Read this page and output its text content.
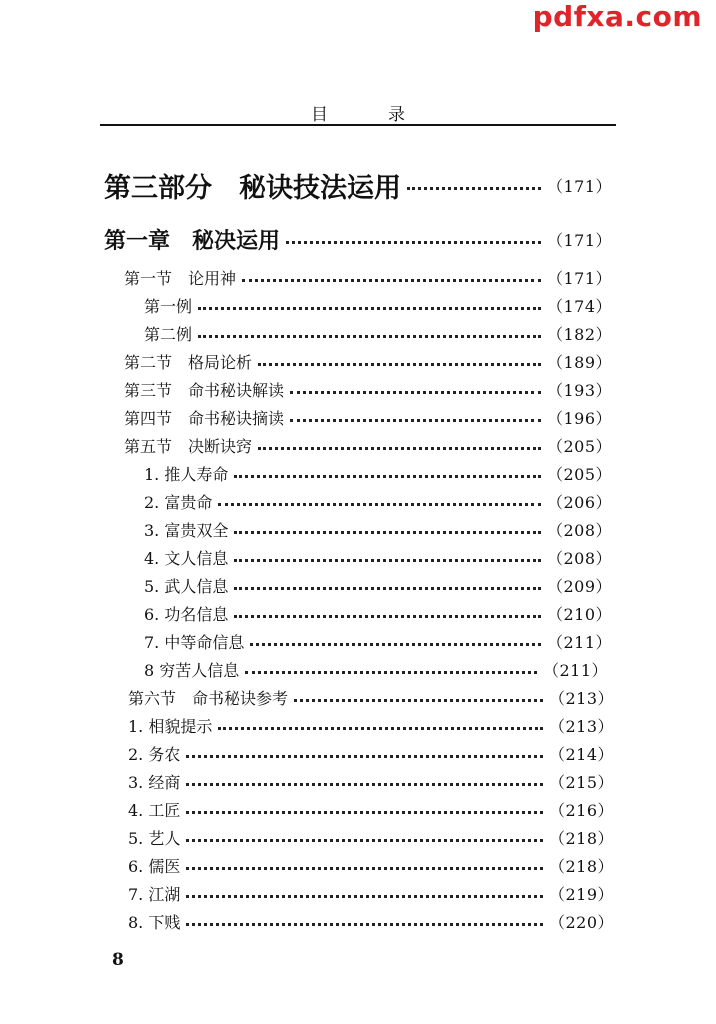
pdfxa.com
目	录
第三部分　秘诀技法运用	（171）
第一章　秘决运用	（171）
第一节　论用神	（171）
第一例	（174）
第二例	（182）
第二节　格局论析	（189）
第三节　命书秘诀解读	（193）
第四节　命书秘诀摘读	（196）
第五节　决断诀窍	（205）
1. 推人寿命	（205）
2. 富贵命	（206）
3. 富贵双全	（208）
4. 文人信息	（208）
5. 武人信息	（209）
6. 功名信息	（210）
7. 中等命信息	（211）
8 穷苦人信息	（211）
第六节　命书秘诀参考	（213）
1. 相貌提示	（213）
2. 务农	（214）
3. 经商	（215）
4. 工匠	（216）
5. 艺人	（218）
6. 儒医	（218）
7. 江湖	（219）
8. 下贱	（220）
8
